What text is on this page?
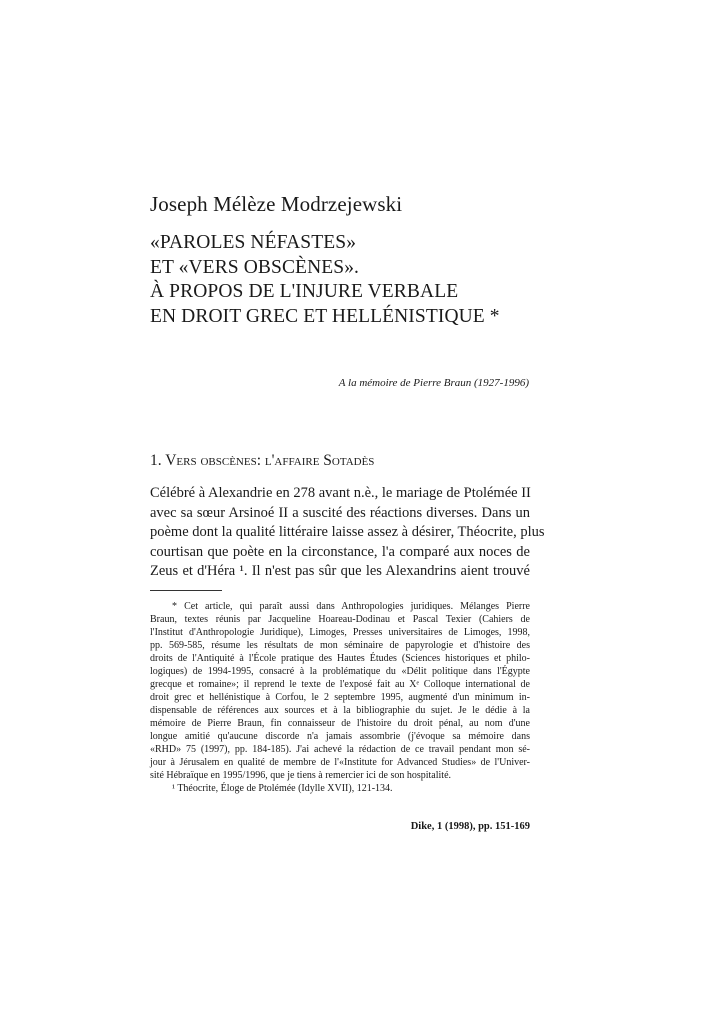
Joseph Mélèze Modrzejewski
«PAROLES NÉFASTES»
ET «VERS OBSCÈNES».
À PROPOS DE L'INJURE VERBALE
EN DROIT GREC ET HELLÉNISTIQUE *
A la mémoire de Pierre Braun (1927-1996)
1. Vers obscènes: l'affaire Sotadès
Célébré à Alexandrie en 278 avant n.è., le mariage de Ptolémée II
avec sa sœur Arsinoé II a suscité des réactions diverses. Dans un
poème dont la qualité littéraire laisse assez à désirer, Théocrite, plus
courtisan que poète en la circonstance, l'a comparé aux noces de
Zeus et d'Héra ¹. Il n'est pas sûr que les Alexandrins aient trouvé
* Cet article, qui paraît aussi dans Anthropologies juridiques. Mélanges Pierre
Braun, textes réunis par Jacqueline Hoareau-Dodinau et Pascal Texier (Cahiers de
l'Institut d'Anthropologie Juridique), Limoges, Presses universitaires de Limoges, 1998,
pp. 569-585, résume les résultats de mon séminaire de papyrologie et d'histoire des
droits de l'Antiquité à l'École pratique des Hautes Études (Sciences historiques et philo-
logiques) de 1994-1995, consacré à la problématique du «Délit politique dans l'Égypte
grecque et romaine»; il reprend le texte de l'exposé fait au Xᵉ Colloque international de
droit grec et hellénistique à Corfou, le 2 septembre 1995, augmenté d'un minimum in-
dispensable de références aux sources et à la bibliographie du sujet. Je le dédie à la
mémoire de Pierre Braun, fin connaisseur de l'histoire du droit pénal, au nom d'une
longue amitié qu'aucune discorde n'a jamais assombrie (j'évoque sa mémoire dans
«RHD» 75 (1997), pp. 184-185). J'ai achevé la rédaction de ce travail pendant mon sé-
jour à Jérusalem en qualité de membre de l'«Institute for Advanced Studies» de l'Univer-
sité Hébraïque en 1995/1996, que je tiens à remercier ici de son hospitalité.
¹ Théocrite, Éloge de Ptolémée (Idylle XVII), 121-134.
Dike, 1 (1998), pp. 151-169
